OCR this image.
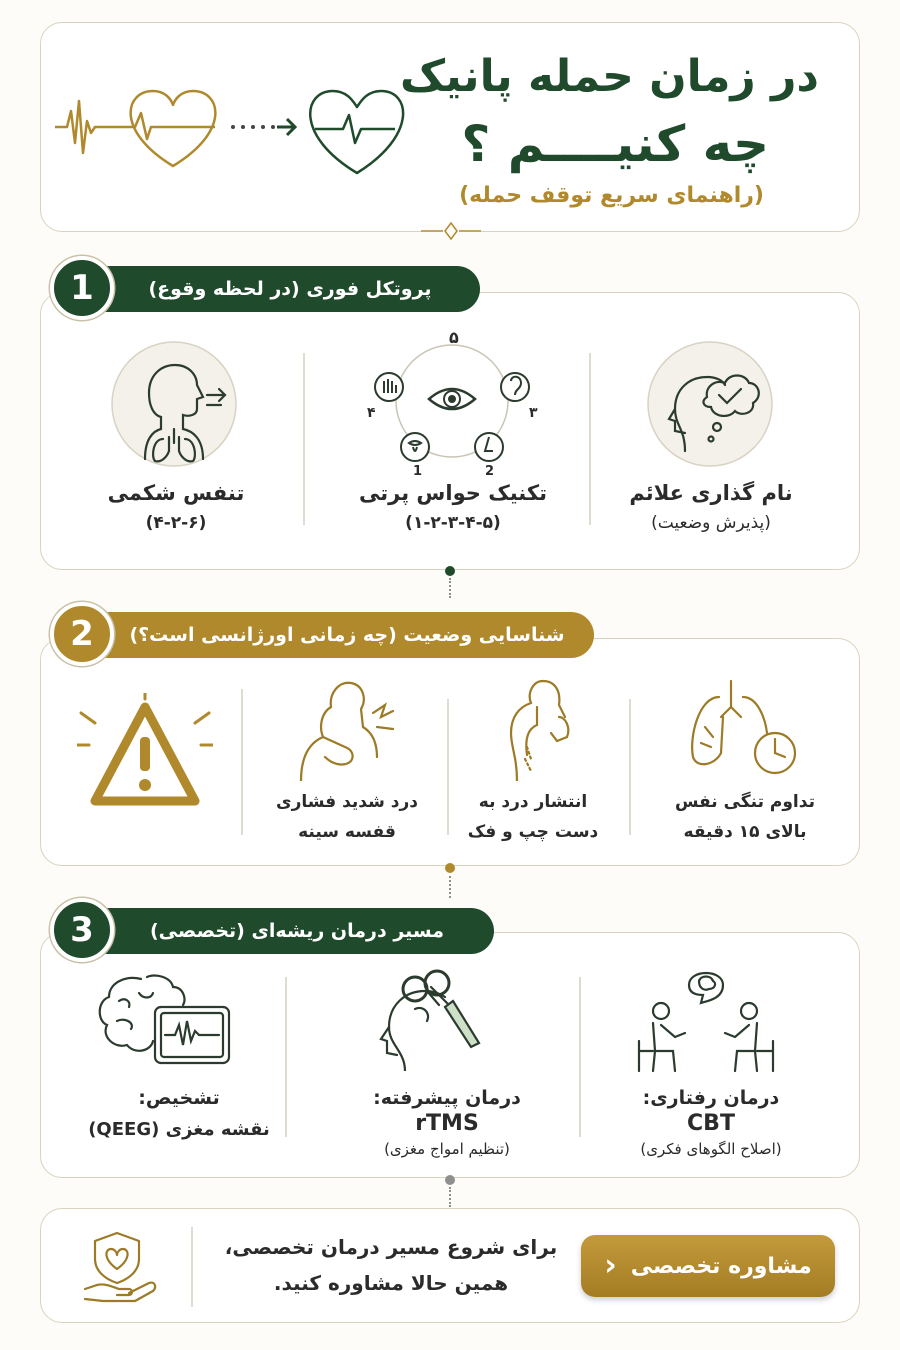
در زمان حمله پانیک
چه کنیــــم ؟
(راهنمای سریع توقف حمله)
1	پروتکل فوری (در لحظه وقوع)
نام گذاری علائم
(پذیرش وضعیت)
۵
۴	۳
1	2
تکنیک حواس پرتی
(۱-۲-۳-۴-۵)
تنفس شکمی
(۴-۲-۶)
2	شناسایی وضعیت (چه زمانی اورژانسی است؟)
تداوم تنگی نفس
بالای ۱۵ دقیقه
انتشار درد به
دست چپ و فک
درد شدید فشاری
قفسه سینه
3	مسیر درمان ریشه‌ای (تخصصی)
درمان رفتاری:
CBT
(اصلاح الگوهای فکری)
درمان پیشرفته:
rTMS
(تنظیم امواج مغزی)
تشخیص:
نقشه مغزی (QEEG)
برای شروع مسیر درمان تخصصی،
همین حالا مشاوره کنید.
مشاوره تخصصی
‹
